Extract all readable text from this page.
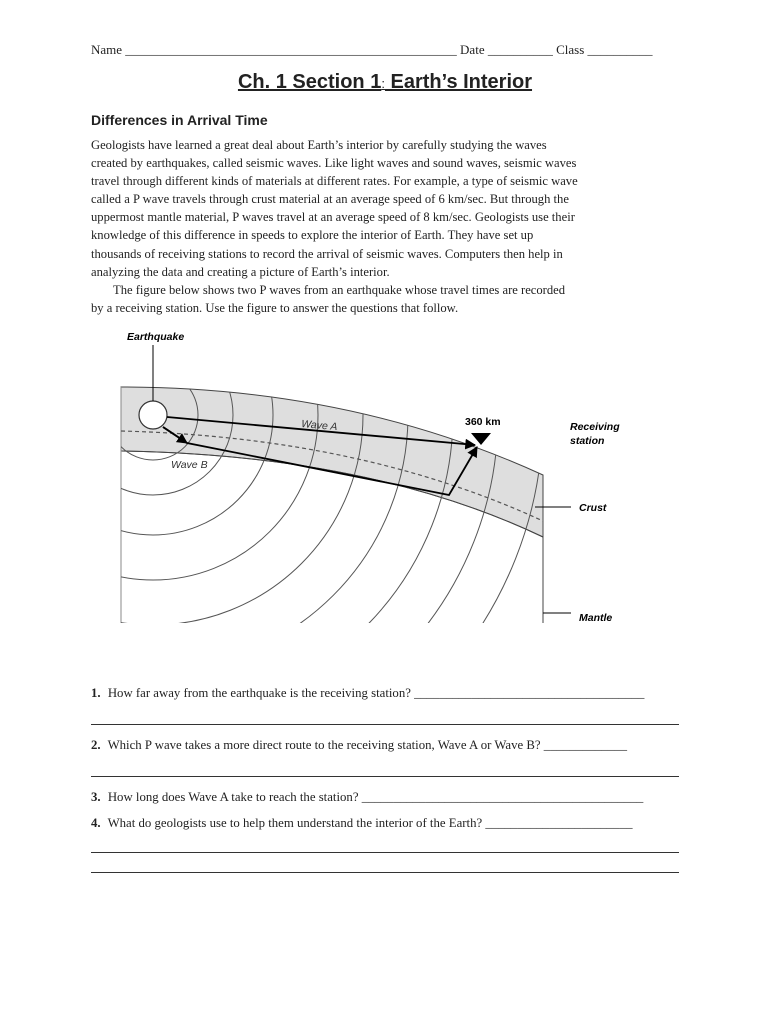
Name ___________________________________________________ Date __________ Class __________
Ch. 1 Section 1: Earth’s Interior
Differences in Arrival Time
Geologists have learned a great deal about Earth’s interior by carefully studying the waves
created by earthquakes, called seismic waves. Like light waves and sound waves, seismic waves
travel through different kinds of materials at different rates. For example, a type of seismic wave
called a P wave travels through crust material at an average speed of 6 km/sec. But through the
uppermost mantle material, P waves travel at an average speed of 8 km/sec. Geologists use their
knowledge of this difference in speeds to explore the interior of Earth. They have set up
thousands of receiving stations to record the arrival of seismic waves. Computers then help in
analyzing the data and creating a picture of Earth’s interior.
The figure below shows two P waves from an earthquake whose travel times are recorded
by a receiving station. Use the figure to answer the questions that follow.
Earthquake
Wave A
Wave B
360 km	Receiving
station
Crust
Mantle
1. How far away from the earthquake is the receiving station? ____________________________________
2. Which P wave takes a more direct route to the receiving station, Wave A or Wave B? _____________
3. How long does Wave A take to reach the station? ____________________________________________
4. What do geologists use to help them understand the interior of the Earth? _______________________
